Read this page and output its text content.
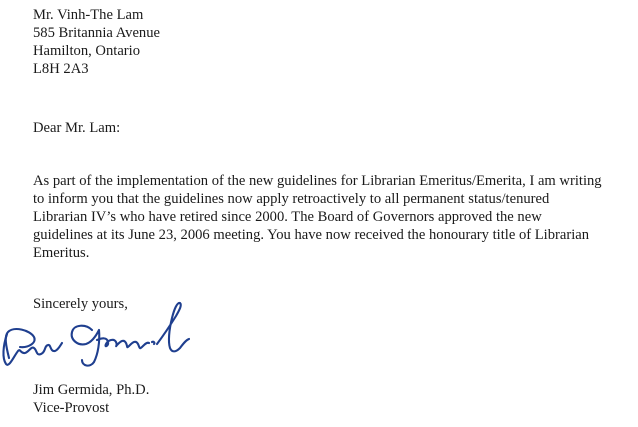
Mr. Vinh-The Lam
585 Britannia Avenue
Hamilton, Ontario
L8H 2A3
Dear Mr. Lam:
As part of the implementation of the new guidelines for Librarian Emeritus/Emerita, I am writing
to inform you that the guidelines now apply retroactively to all permanent status/tenured
Librarian IV’s who have retired since 2000. The Board of Governors approved the new
guidelines at its June 23, 2006 meeting. You have now received the honourary title of Librarian
Emeritus.
Sincerely yours,
Jim Germida, Ph.D.
Vice-Provost
